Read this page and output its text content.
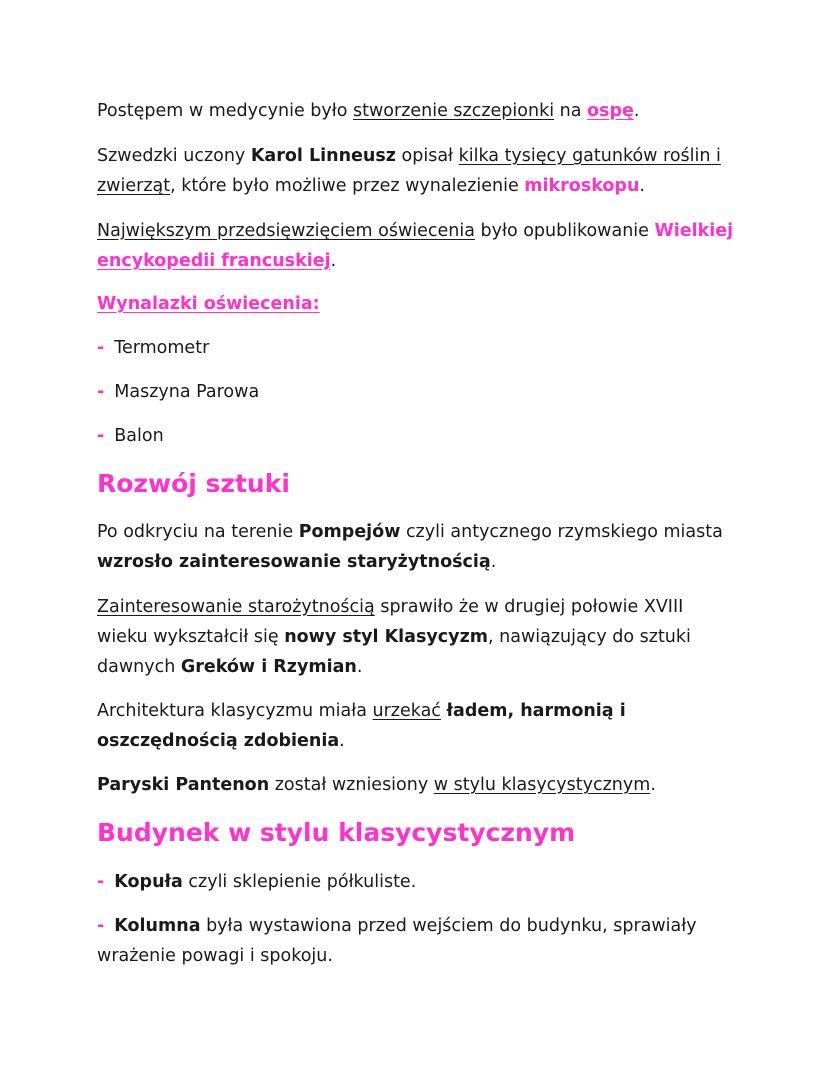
Postępem w medycynie było stworzenie szczepionki na ospę.

Szwedzki uczony Karol Linneusz opisał kilka tysięcy gatunków roślin i
zwierząt, które było możliwe przez wynalezienie mikroskopu.

Największym przedsięwzięciem oświecenia było opublikowanie Wielkiej
encykopedii francuskiej.

Wynalazki oświecenia:

- Termometr

- Maszyna Parowa

- Balon

Rozwój sztuki

Po odkryciu na terenie Pompejów czyli antycznego rzymskiego miasta
wzrosło zainteresowanie staryżytnością.

Zainteresowanie starożytnością sprawiło że w drugiej połowie XVIII
wieku wykształcił się nowy styl Klasycyzm, nawiązujący do sztuki
dawnych Greków i Rzymian.

Architektura klasycyzmu miała urzekać ładem, harmonią i
oszczędnością zdobienia.

Paryski Pantenon został wzniesiony w stylu klasycystycznym.

Budynek w stylu klasycystycznym

- Kopuła czyli sklepienie półkuliste.

- Kolumna była wystawiona przed wejściem do budynku, sprawiały
wrażenie powagi i spokoju.
